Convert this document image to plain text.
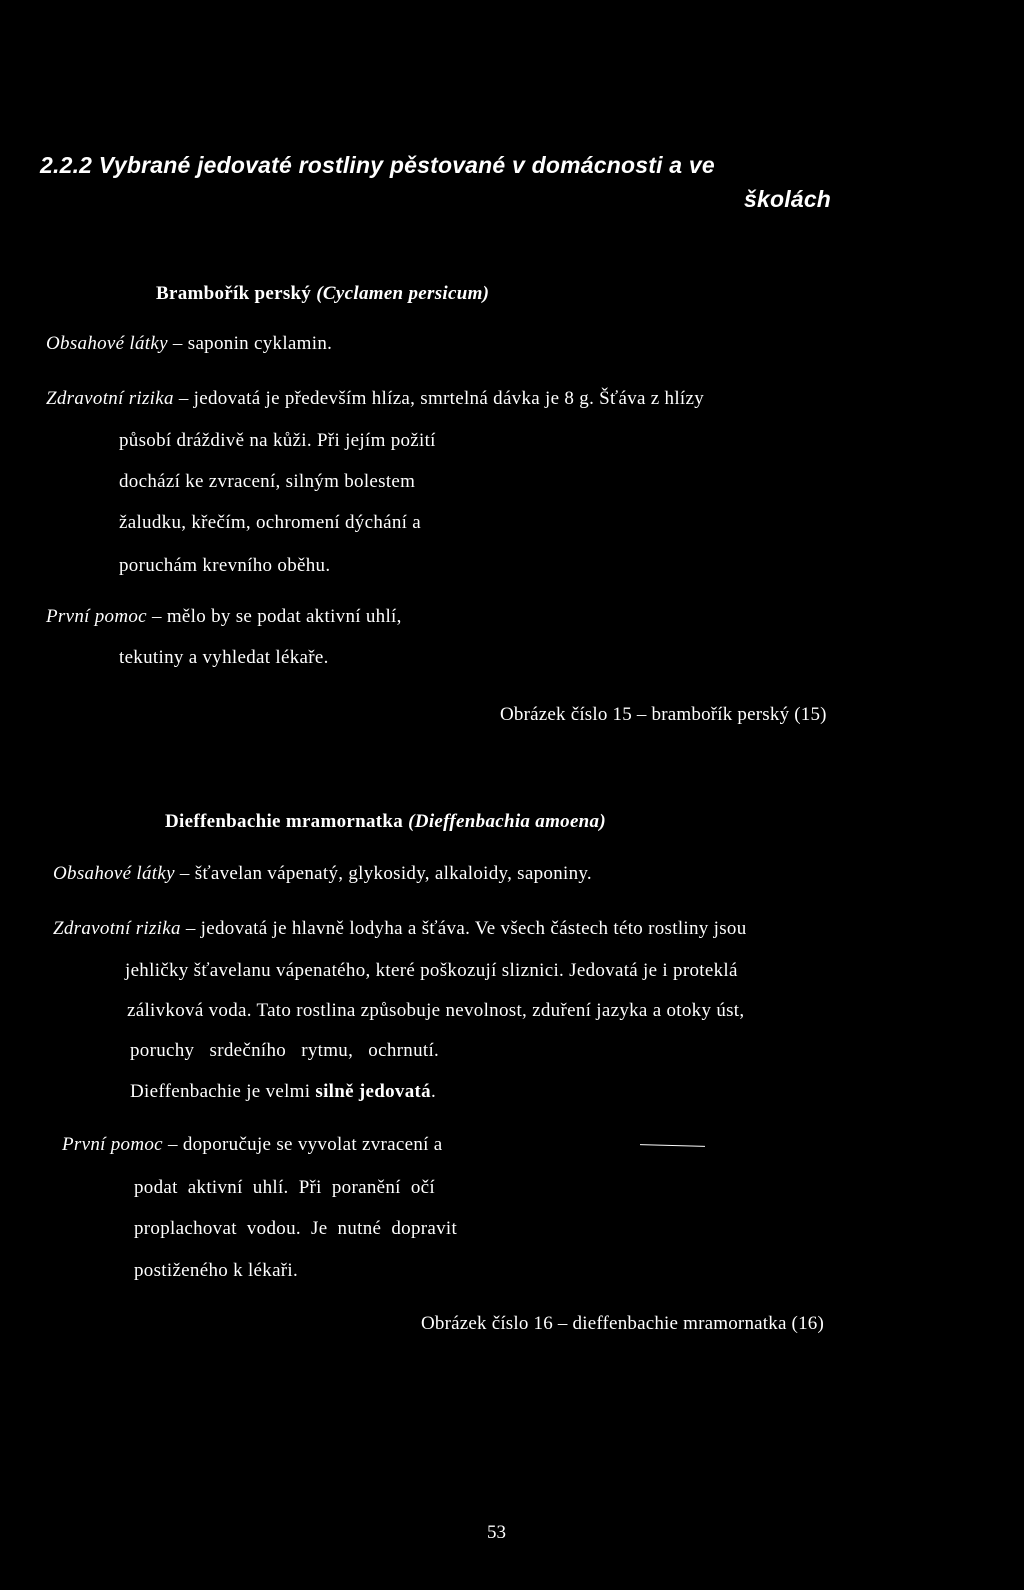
2.2.2 Vybrané jedovaté rostliny pěstované v domácnosti a ve
školách
Brambořík perský (Cyclamen persicum)
Obsahové látky – saponin cyklamin.
Zdravotní rizika – jedovatá je především hlíza, smrtelná dávka je 8 g. Šťáva z hlízy
působí dráždivě na kůži. Při jejím požití
dochází ke zvracení, silným bolestem
žaludku, křečím, ochromení dýchání a
poruchám krevního oběhu.
První pomoc – mělo by se podat aktivní uhlí,
tekutiny a vyhledat lékaře.
Obrázek číslo 15 – brambořík perský (15)
Dieffenbachie mramornatka (Dieffenbachia amoena)
Obsahové látky – šťavelan vápenatý, glykosidy, alkaloidy, saponiny.
Zdravotní rizika – jedovatá je hlavně lodyha a šťáva. Ve všech částech této rostliny jsou
jehličky šťavelanu vápenatého, které poškozují sliznici. Jedovatá je i proteklá
zálivková voda. Tato rostlina způsobuje nevolnost, zduření jazyka a otoky úst,
poruchy   srdečního   rytmu,   ochrnutí.
Dieffenbachie je velmi silně jedovatá.
První pomoc – doporučuje se vyvolat zvracení a
podat  aktivní  uhlí.  Při  poranění  očí
proplachovat  vodou.  Je  nutné  dopravit
postiženého k lékaři.
Obrázek číslo 16 – dieffenbachie mramornatka (16)
53
